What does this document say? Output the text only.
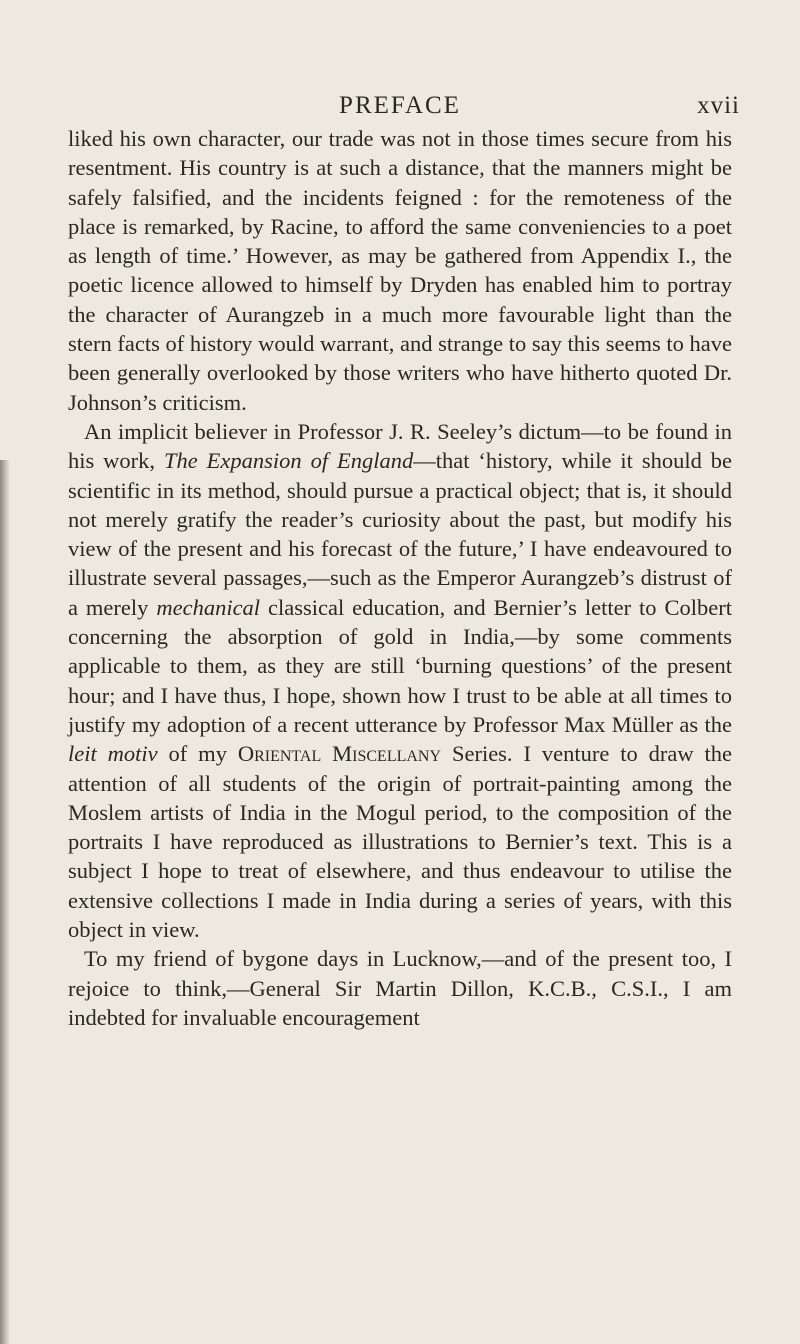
PREFACE	xvii

liked his own character, our trade was not in those times secure from his resentment. His country is at such a distance, that the manners might be safely falsified, and the incidents feigned : for the remoteness of the place is remarked, by Racine, to afford the same conveniencies to a poet as length of time.’ However, as may be gathered from Appendix I., the poetic licence allowed to himself by Dryden has enabled him to portray the character of Aurangzeb in a much more favourable light than the stern facts of history would warrant, and strange to say this seems to have been generally overlooked by those writers who have hitherto quoted Dr. Johnson’s criticism.

An implicit believer in Professor J. R. Seeley’s dictum—to be found in his work, The Expansion of England—that ‘history, while it should be scientific in its method, should pursue a practical object; that is, it should not merely gratify the reader’s curiosity about the past, but modify his view of the present and his forecast of the future,’ I have endeavoured to illustrate several passages,—such as the Emperor Aurangzeb’s distrust of a merely mechanical classical education, and Bernier’s letter to Colbert concerning the absorption of gold in India,—by some comments applicable to them, as they are still ‘burning questions’ of the present hour; and I have thus, I hope, shown how I trust to be able at all times to justify my adoption of a recent utterance by Professor Max Müller as the leit motiv of my Oriental Miscellany Series. I venture to draw the attention of all students of the origin of portrait-painting among the Moslem artists of India in the Mogul period, to the composition of the portraits I have reproduced as illustrations to Bernier’s text. This is a subject I hope to treat of elsewhere, and thus endeavour to utilise the extensive collections I made in India during a series of years, with this object in view.

To my friend of bygone days in Lucknow,—and of the present too, I rejoice to think,—General Sir Martin Dillon, K.C.B., C.S.I., I am indebted for invaluable encouragement
